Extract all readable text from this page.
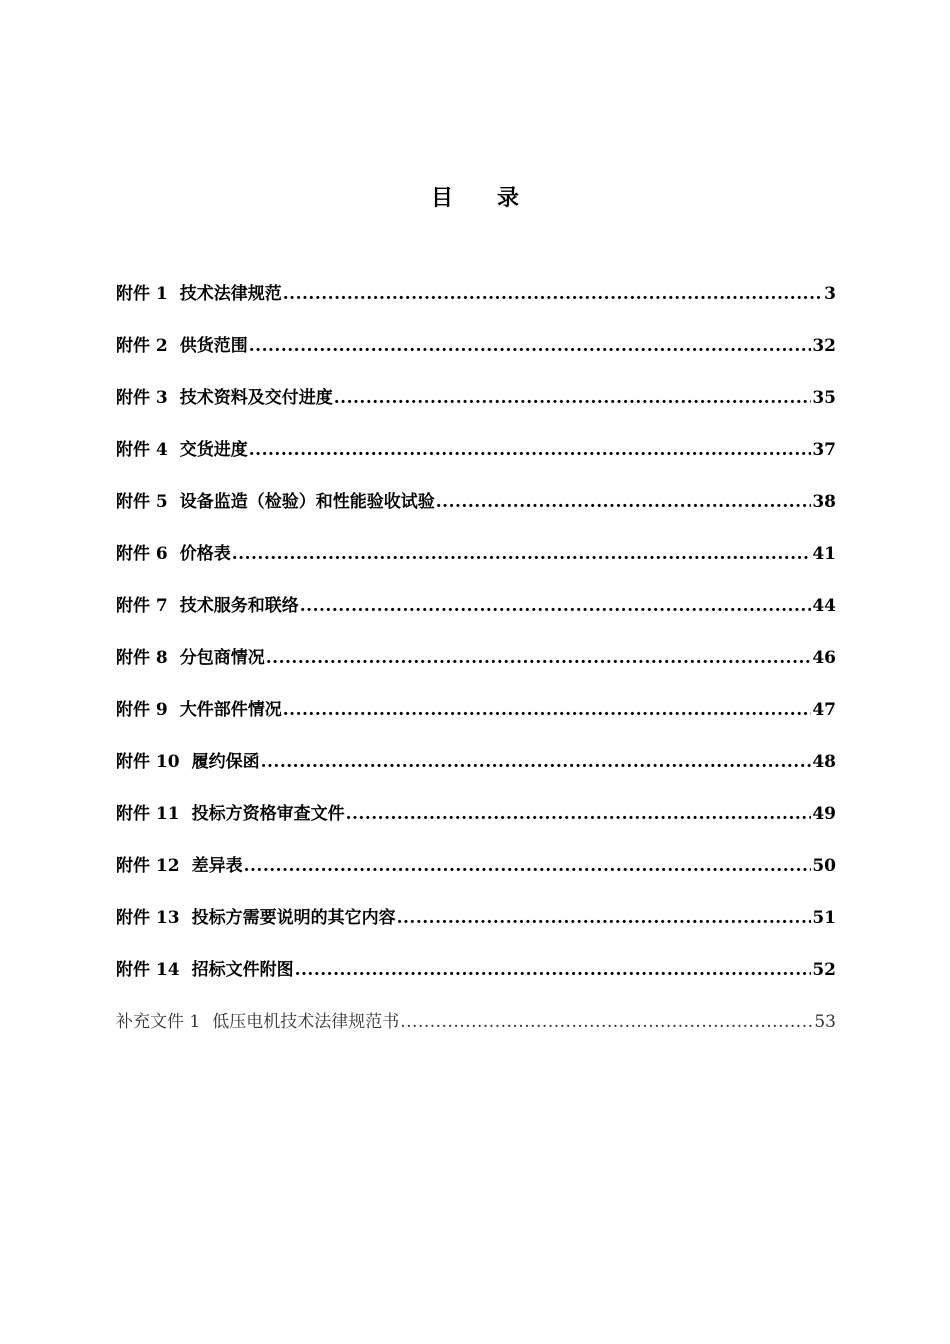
目录
附件 1 技术法律规范 .....	3
附件 2 供货范围 .....	32
附件 3 技术资料及交付进度 .....	35
附件 4 交货进度 .....	37
附件 5 设备监造（检验）和性能验收试验 .....	38
附件 6 价格表 .....	41
附件 7 技术服务和联络 .....	44
附件 8 分包商情况 .....	46
附件 9 大件部件情况 .....	47
附件 10 履约保函 .....	48
附件 11 投标方资格审查文件 .....	49
附件 12 差异表 .....	50
附件 13 投标方需要说明的其它内容 .....	51
附件 14 招标文件附图 .....	52
补充文件 1 低压电机技术法律规范书 .....	53
